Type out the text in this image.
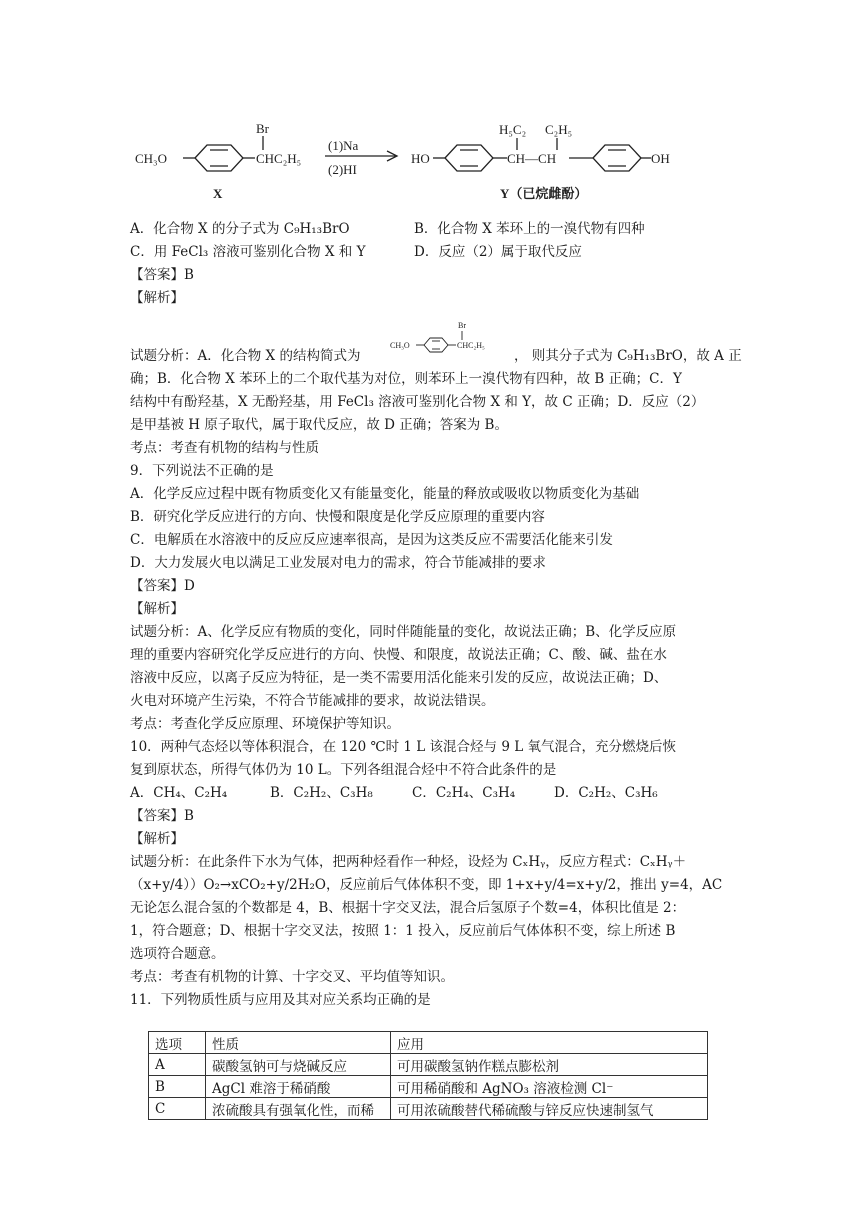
CH₃O
Br
CHC₂H₅
X
(1)Na
(2)HI
H₅C₂ C₂H₅
HO	CH—CH	OH
Y（已烷雌酚）
A．化合物 X 的分子式为 C₉H₁₃BrO	B．化合物 X 苯环上的一溴代物有四种
C．用 FeCl₃ 溶液可鉴别化合物 X 和 Y	D．反应（2）属于取代反应
【答案】B
【解析】
CH₃O
Br
CHC₂H₅
试题分析：A．化合物 X 的结构简式为	， 则其分子式为 C₉H₁₃BrO，故 A 正
确；B．化合物 X 苯环上的二个取代基为对位，则苯环上一溴代物有四种，故 B 正确；C．Y
结构中有酚羟基，X 无酚羟基，用 FeCl₃ 溶液可鉴别化合物 X 和 Y，故 C 正确；D．反应（2）
是甲基被 H 原子取代，属于取代反应，故 D 正确；答案为 B。
考点：考查有机物的结构与性质
9．下列说法不正确的是
A．化学反应过程中既有物质变化又有能量变化，能量的释放或吸收以物质变化为基础
B．研究化学反应进行的方向、快慢和限度是化学反应原理的重要内容
C．电解质在水溶液中的反应反应速率很高，是因为这类反应不需要活化能来引发
D．大力发展火电以满足工业发展对电力的需求，符合节能减排的要求
【答案】D
【解析】
试题分析：A、化学反应有物质的变化，同时伴随能量的变化，故说法正确；B、化学反应原
理的重要内容研究化学反应进行的方向、快慢、和限度，故说法正确；C、酸、碱、盐在水
溶液中反应，以离子反应为特征，是一类不需要用活化能来引发的反应，故说法正确；D、
火电对环境产生污染，不符合节能减排的要求，故说法错误。
考点：考查化学反应原理、环境保护等知识。
10．两种气态烃以等体积混合，在 120 ℃时 1 L 该混合烃与 9 L 氧气混合，充分燃烧后恢
复到原状态，所得气体仍为 10 L。下列各组混合烃中不符合此条件的是
A．CH₄、C₂H₄	B．C₂H₂、C₃H₈	C．C₂H₄、C₃H₄	D．C₂H₂、C₃H₆
【答案】B
【解析】
试题分析：在此条件下水为气体，把两种烃看作一种烃，设烃为 CₓHᵧ，反应方程式：CₓHᵧ＋
（x+y/4））O₂→xCO₂+y/2H₂O，反应前后气体体积不变，即 1+x+y/4=x+y/2，推出 y=4，AC
无论怎么混合氢的个数都是 4，B、根据十字交叉法，混合后氢原子个数=4，体积比值是 2：
1，符合题意；D、根据十字交叉法，按照 1：1 投入，反应前后气体体积不变，综上所述 B
选项符合题意。
考点：考查有机物的计算、十字交叉、平均值等知识。
11．下列物质性质与应用及其对应关系均正确的是
选项	性质	应用
A	碳酸氢钠可与烧碱反应	可用碳酸氢钠作糕点膨松剂
B	AgCl 难溶于稀硝酸	可用稀硝酸和 AgNO₃ 溶液检测 Cl⁻
C	浓硫酸具有强氧化性，而稀	可用浓硫酸替代稀硫酸与锌反应快速制氢气
